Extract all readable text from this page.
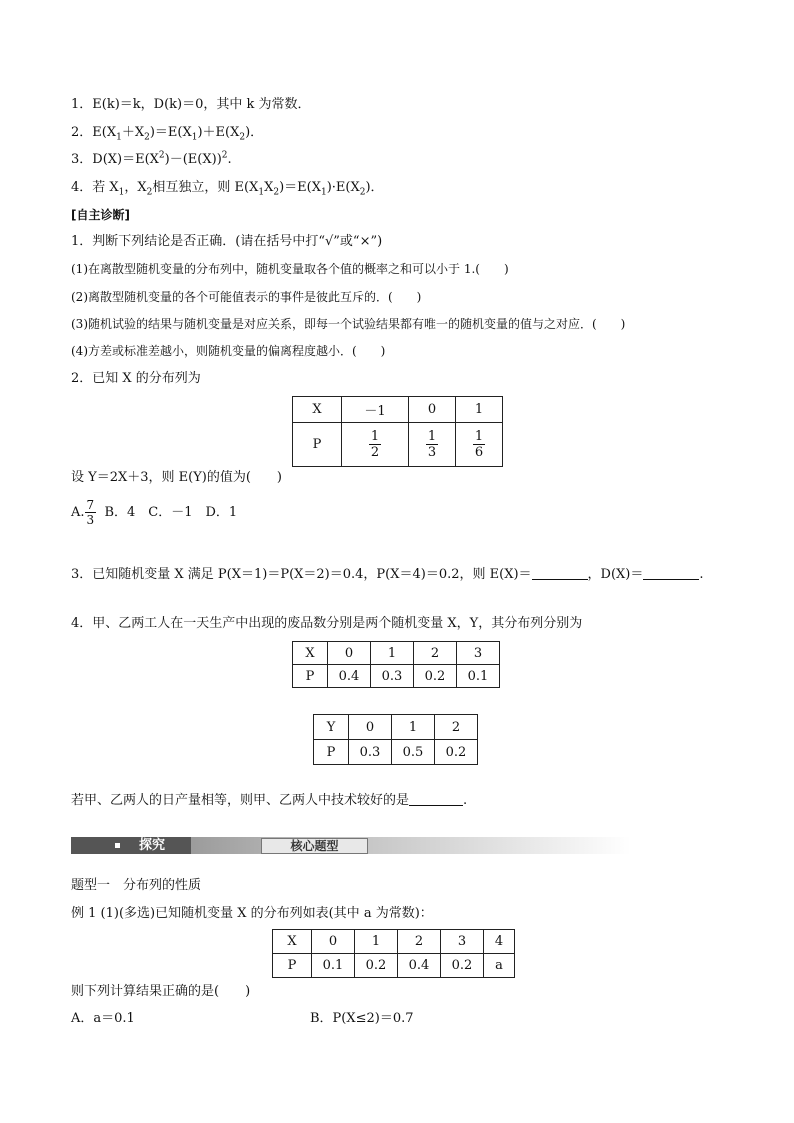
1．E(k)＝k，D(k)＝0，其中 k 为常数．
2．$E(X_1+X_2)=E(X_1)+E(X_2)$．
3．$D(X)=E(X^2)-(E(X))^2$.
4．若 $X_1$，$X_2$相互独立，则 $E(X_1X_2)=E(X_1)\cdot E(X_2)$．
[自主诊断]
1．判断下列结论是否正确．(请在括号中打“√”或“×”)
(1)在离散型随机变量的分布列中，随机变量取各个值的概率之和可以小于 1.(　　)
(2)离散型随机变量的各个可能值表示的事件是彼此互斥的．(　　)
(3)随机试验的结果与随机变量是对应关系，即每一个试验结果都有唯一的随机变量的值与之对应．(　　)
(4)方差或标准差越小，则随机变量的偏离程度越小．(　　)
2．已知 X 的分布列为
X	－1	0	1
P	$\frac{1}{2}$	$\frac{1}{3}$	$\frac{1}{6}$
设 Y＝2X＋3，则 E(Y)的值为(　　)
A. $\frac{7}{3}$ B．4　C．－1　D．1
3．已知随机变量 X 满足 P(X＝1)＝P(X＝2)＝0.4，P(X＝4)＝0.2，则 E(X)＝	，D(X)＝	.
4．甲、乙两工人在一天生产中出现的废品数分别是两个随机变量 X，Y，其分布列分别为
X	0	1	2	3
P	0.4	0.3	0.2	0.1
Y	0	1	2
P	0.3	0.5	0.2
若甲、乙两人的日产量相等，则甲、乙两人中技术较好的是	.
探究	核心题型
题型一　分布列的性质
例 1 (1)(多选)已知随机变量 X 的分布列如表(其中 a 为常数)：
X	0	1	2	3	4
P	0.1	0.2	0.4	0.2	a
则下列计算结果正确的是(　　)
A．a＝0.1	B．P(X≤2)＝0.7
